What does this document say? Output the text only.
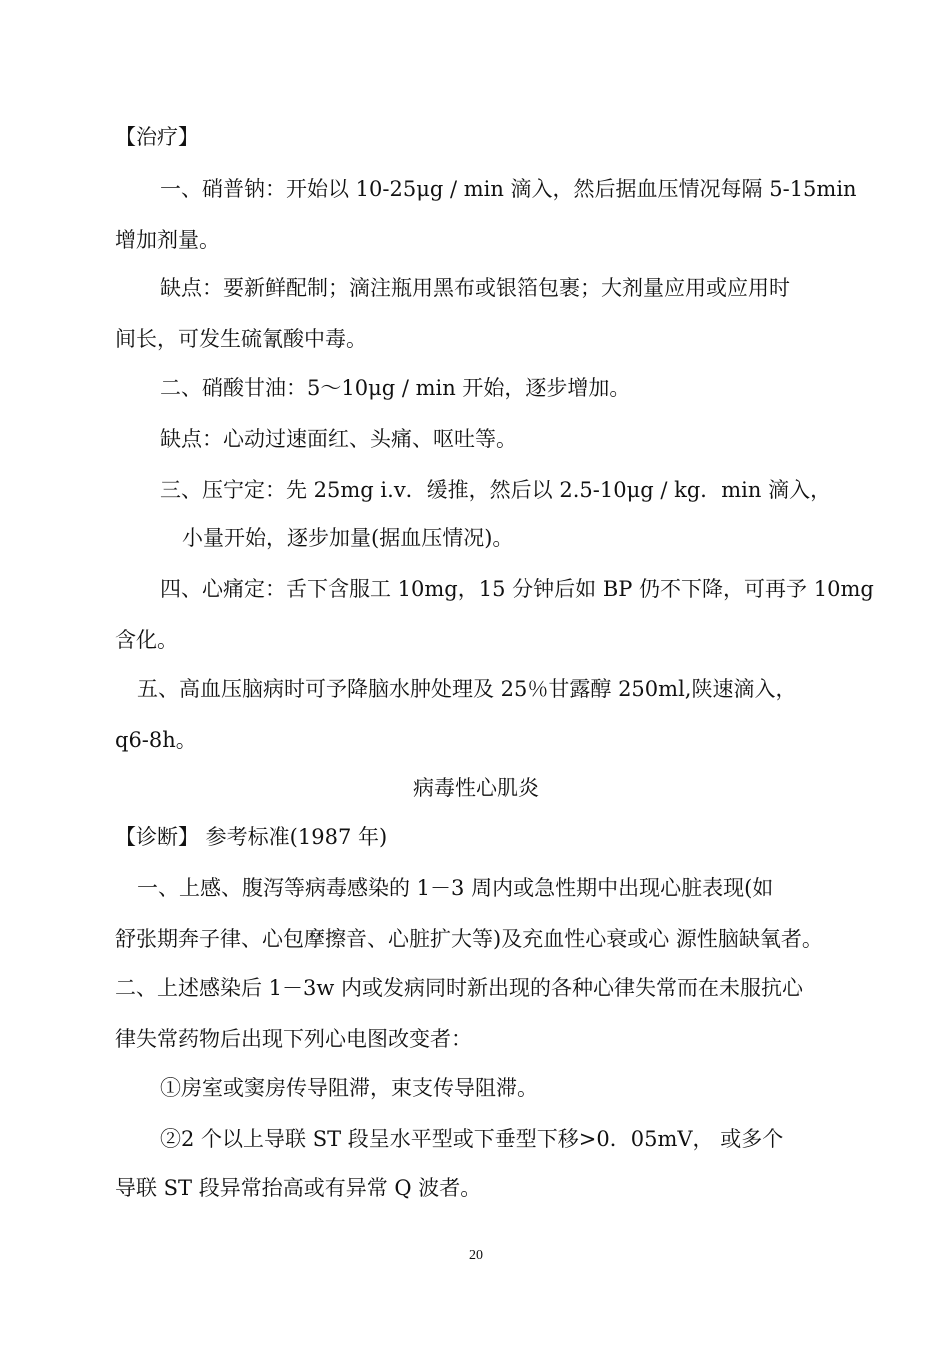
【治疗】

一、硝普钠：开始以 10-25μg / min 滴入，然后据血压情况每隔 5-15min

增加剂量。

缺点：要新鲜配制；滴注瓶用黑布或银箔包裹；大剂量应用或应用时

间长，可发生硫氰酸中毒。

二、硝酸甘油：5～10μg / min 开始，逐步增加。

缺点：心动过速面红、头痛、呕吐等。

三、压宁定：先 25mg i.v．缓推，然后以 2.5-10μg / kg．min 滴入，

小量开始，逐步加量(据血压情况)。

四、心痛定：舌下含服工 10mg，15 分钟后如 BP 仍不下降，可再予 10mg

含化。

五、高血压脑病时可予降脑水肿处理及 25％甘露醇 250ml,陕速滴入，

q6-8h。

病毒性心肌炎

【诊断】 参考标准(1987 年)

一、上感、腹泻等病毒感染的 1－3 周内或急性期中出现心脏表现(如

舒张期奔子律、心包摩擦音、心脏扩大等)及充血性心衰或心 源性脑缺氧者。

二、上述感染后 1－3w 内或发病同时新出现的各种心律失常而在未服抗心

律失常药物后出现下列心电图改变者：

①房室或窦房传导阻滞，束支传导阻滞。

②2 个以上导联 ST 段呈水平型或下垂型下移>0．05mV， 或多个

导联 ST 段异常抬高或有异常 Q 波者。

20
